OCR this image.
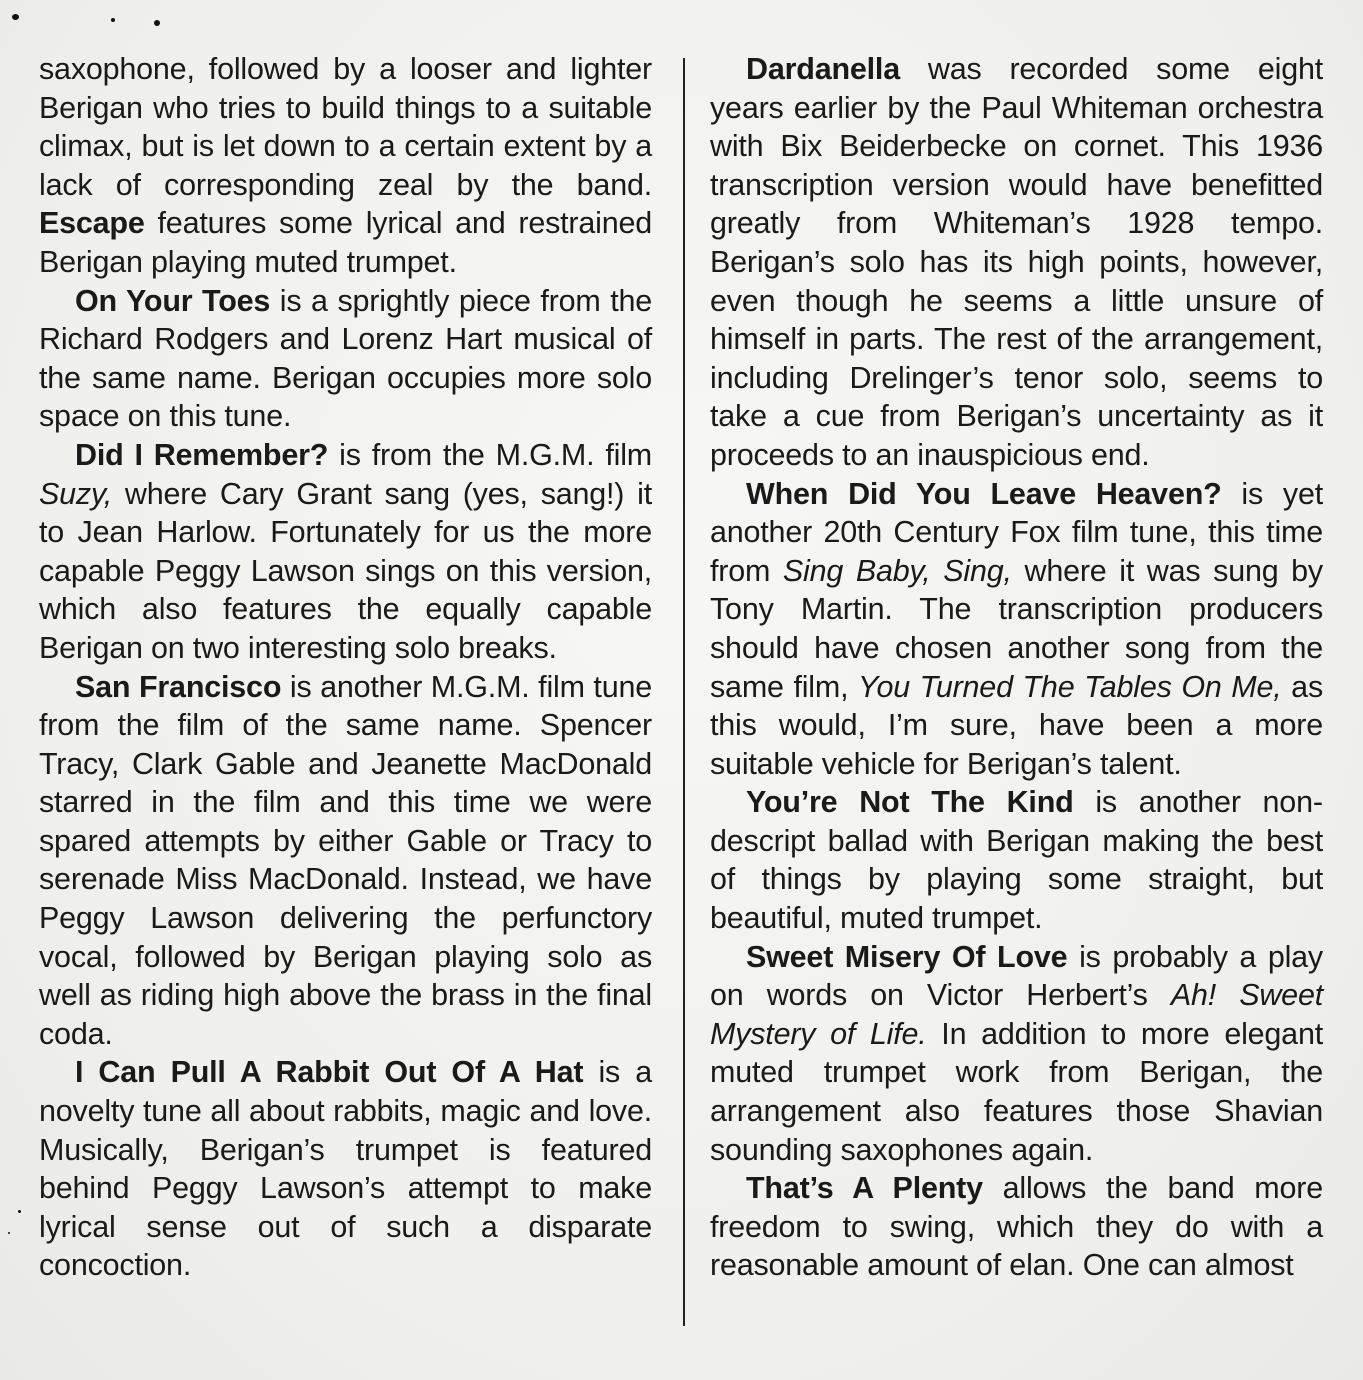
saxophone, followed by a looser and lighter Berigan who tries to build things to a suitable climax, but is let down to a certain extent by a lack of corresponding zeal by the band. Escape features some lyrical and restrained Berigan playing muted trumpet.

On Your Toes is a sprightly piece from the Richard Rodgers and Lorenz Hart musical of the same name. Berigan occupies more solo space on this tune.

Did I Remember? is from the M.G.M. film Suzy, where Cary Grant sang (yes, sang!) it to Jean Harlow. Fortunately for us the more capable Peggy Lawson sings on this version, which also features the equally capable Berigan on two interesting solo breaks.

San Francisco is another M.G.M. film tune from the film of the same name. Spencer Tracy, Clark Gable and Jeanette MacDonald starred in the film and this time we were spared attempts by either Gable or Tracy to serenade Miss MacDonald. Instead, we have Peggy Lawson delivering the perfunctory vocal, followed by Berigan playing solo as well as riding high above the brass in the final coda.

I Can Pull A Rabbit Out Of A Hat is a novelty tune all about rabbits, magic and love. Musically, Berigan’s trumpet is featured behind Peggy Lawson’s attempt to make lyrical sense out of such a disparate concoction.

Dardanella was recorded some eight years earlier by the Paul Whiteman orchestra with Bix Beiderbecke on cornet. This 1936 transcription version would have benefitted greatly from Whiteman’s 1928 tempo. Berigan’s solo has its high points, however, even though he seems a little unsure of himself in parts. The rest of the arrangement, including Drelinger’s tenor solo, seems to take a cue from Berigan’s uncertainty as it proceeds to an inauspicious end.

When Did You Leave Heaven? is yet another 20th Century Fox film tune, this time from Sing Baby, Sing, where it was sung by Tony Martin. The transcription producers should have chosen another song from the same film, You Turned The Tables On Me, as this would, I’m sure, have been a more suitable vehicle for Berigan’s talent.

You’re Not The Kind is another nondescript ballad with Berigan making the best of things by playing some straight, but beautiful, muted trumpet.

Sweet Misery Of Love is probably a play on words on Victor Herbert’s Ah! Sweet Mystery of Life. In addition to more elegant muted trumpet work from Berigan, the arrangement also features those Shavian sounding saxophones again.

That’s A Plenty allows the band more freedom to swing, which they do with a reasonable amount of elan. One can almost
